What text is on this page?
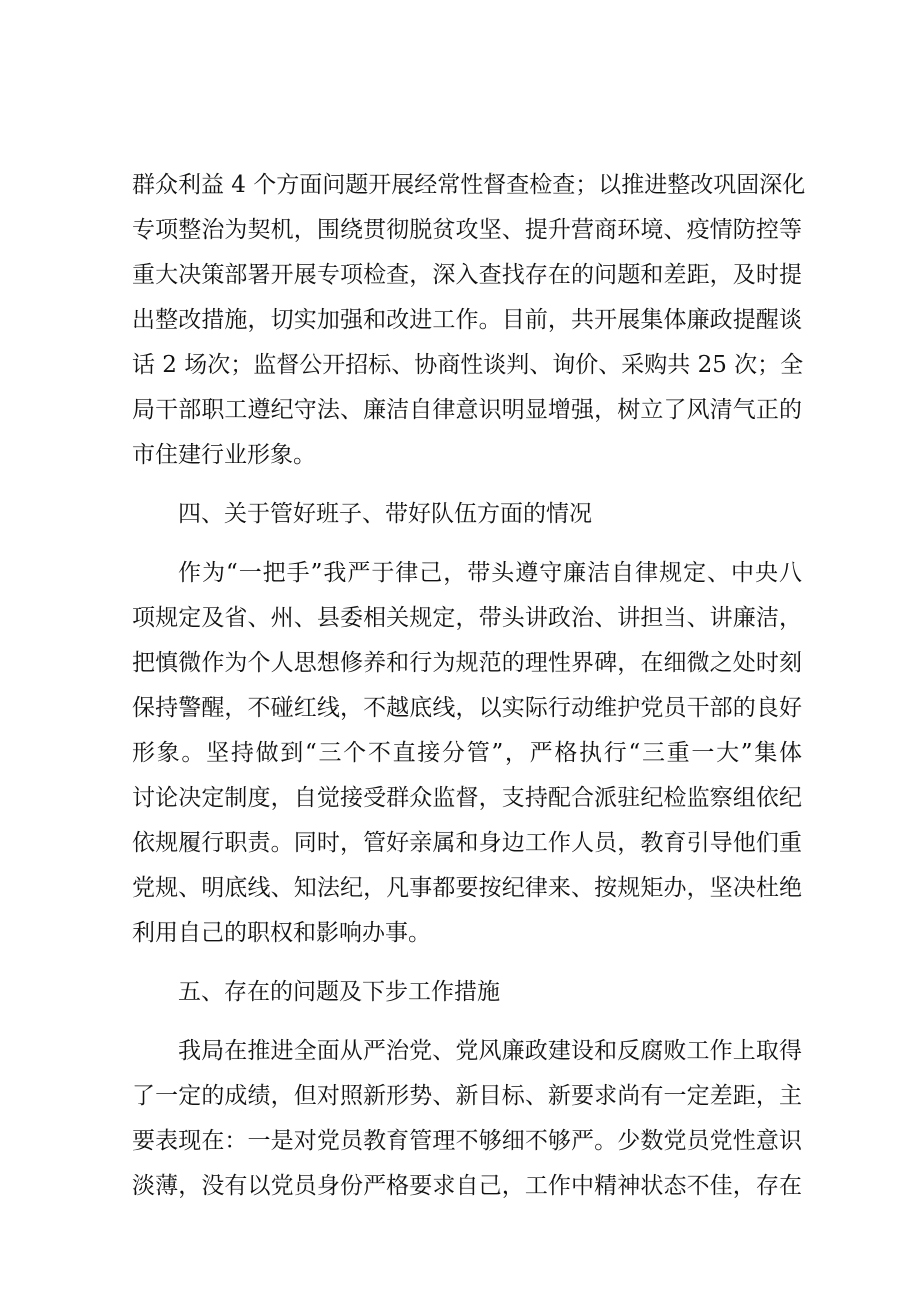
群众利益 4 个方面问题开展经常性督查检查；以推进整改巩固深化
专项整治为契机，围绕贯彻脱贫攻坚、提升营商环境、疫情防控等
重大决策部署开展专项检查，深入查找存在的问题和差距，及时提
出整改措施，切实加强和改进工作。目前，共开展集体廉政提醒谈
话 2 场次；监督公开招标、协商性谈判、询价、采购共 25 次；全
局干部职工遵纪守法、廉洁自律意识明显增强，树立了风清气正的
市住建行业形象。
四、关于管好班子、带好队伍方面的情况
作为“一把手”我严于律己，带头遵守廉洁自律规定、中央八
项规定及省、州、县委相关规定，带头讲政治、讲担当、讲廉洁，
把慎微作为个人思想修养和行为规范的理性界碑，在细微之处时刻
保持警醒，不碰红线，不越底线，以实际行动维护党员干部的良好
形象。坚持做到“三个不直接分管”，严格执行“三重一大”集体
讨论决定制度，自觉接受群众监督，支持配合派驻纪检监察组依纪
依规履行职责。同时，管好亲属和身边工作人员，教育引导他们重
党规、明底线、知法纪，凡事都要按纪律来、按规矩办，坚决杜绝
利用自己的职权和影响办事。
五、存在的问题及下步工作措施
我局在推进全面从严治党、党风廉政建设和反腐败工作上取得
了一定的成绩，但对照新形势、新目标、新要求尚有一定差距，主
要表现在：一是对党员教育管理不够细不够严。少数党员党性意识
淡薄，没有以党员身份严格要求自己，工作中精神状态不佳，存在
